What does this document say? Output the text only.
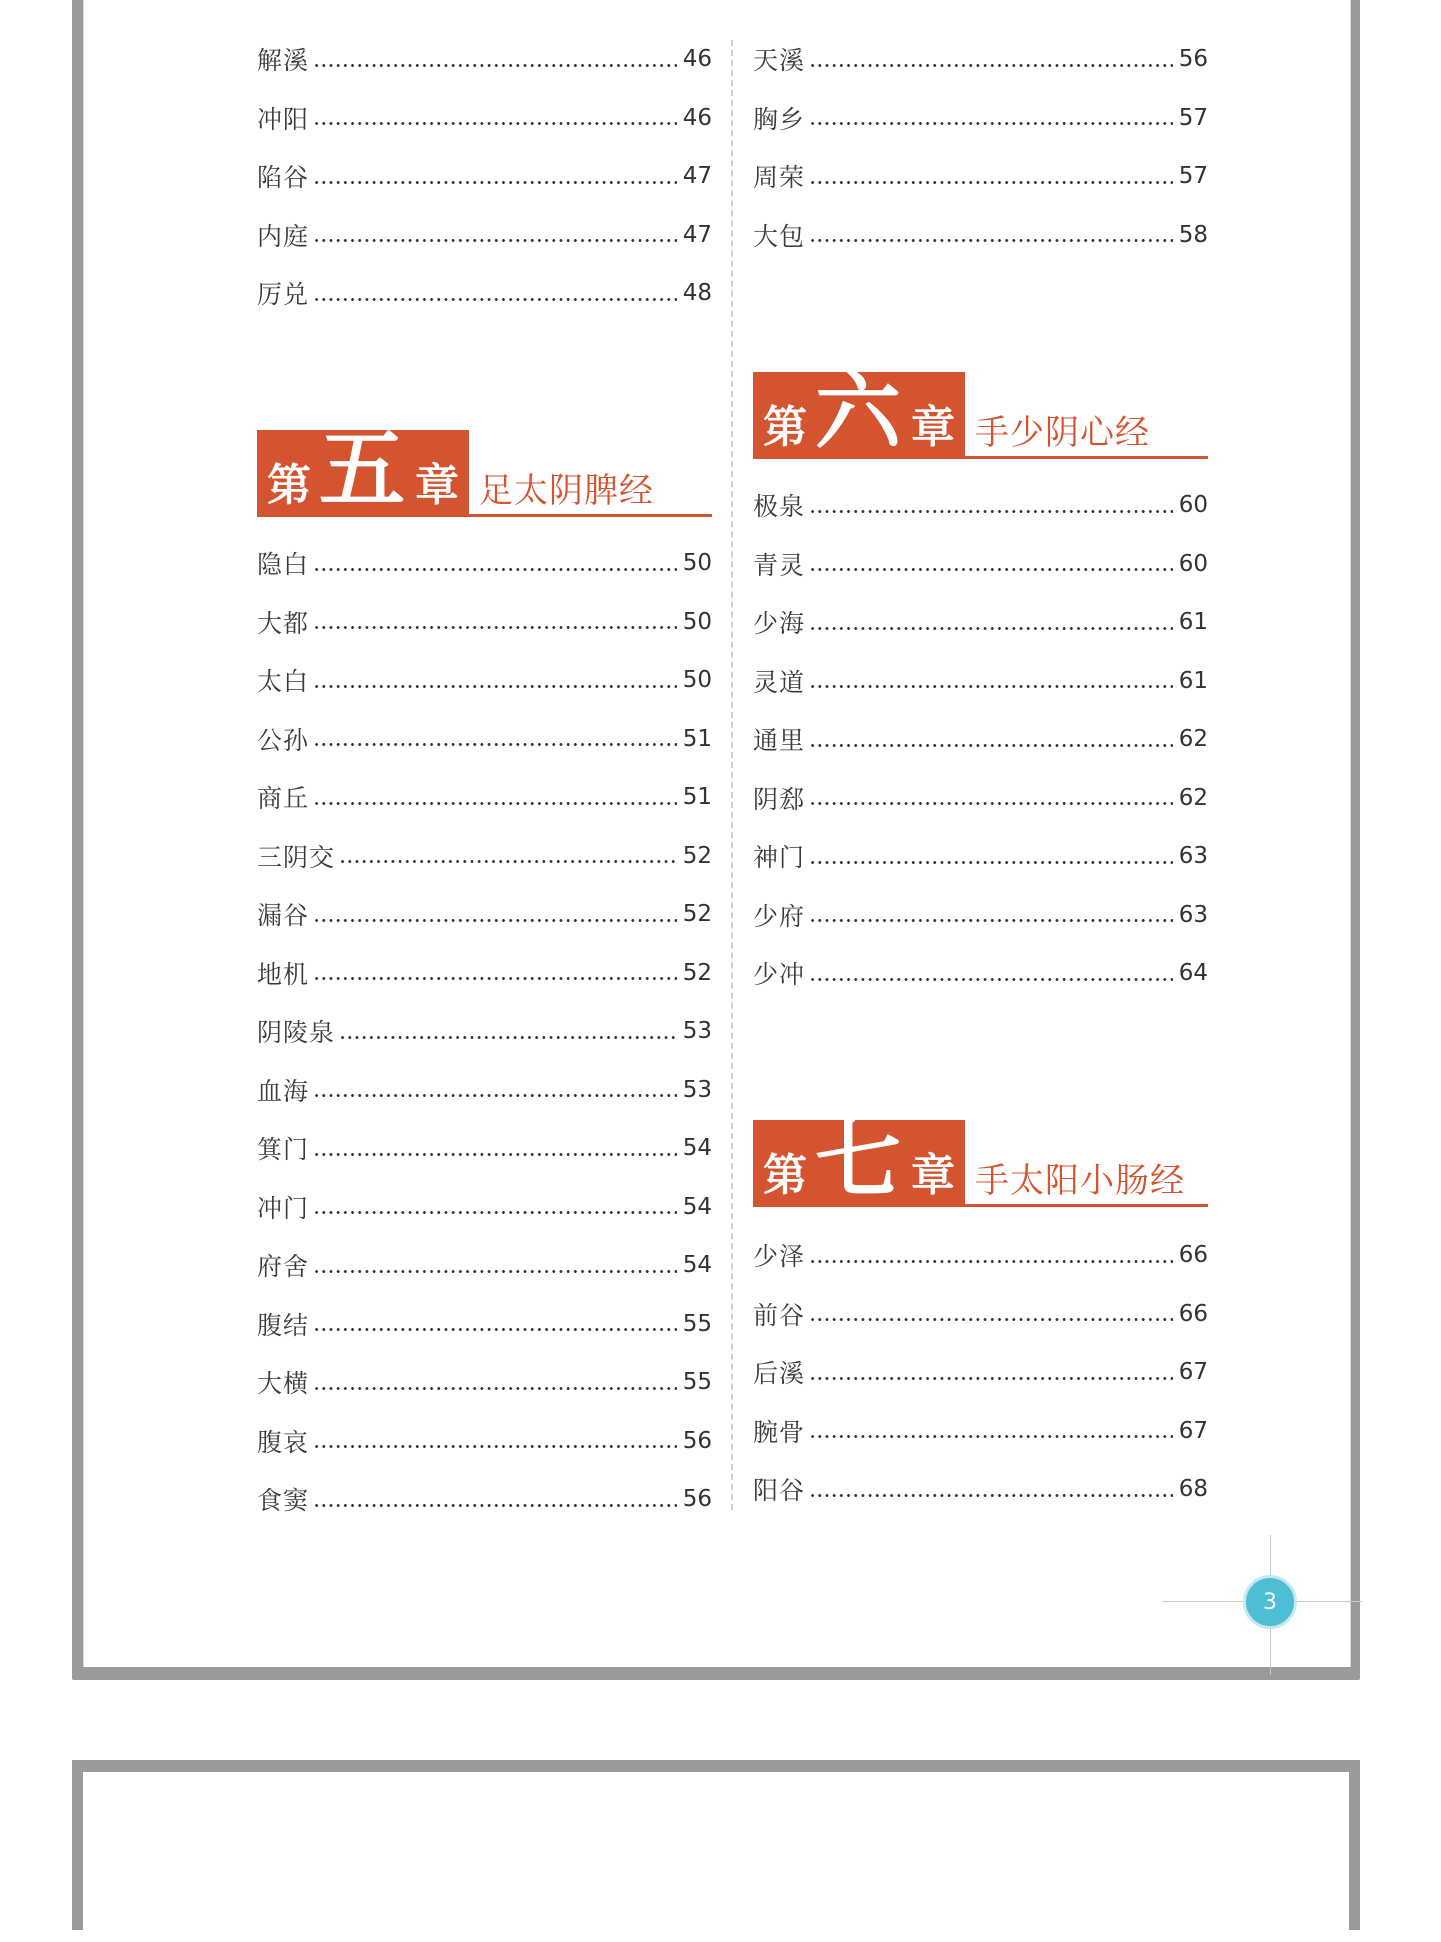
解溪	46
冲阳	46
陷谷	47
内庭	47
厉兑	48
天溪	56
胸乡	57
周荣	57
大包	58
第 五 章 足太阴脾经
隐白	50
大都	50
太白	50
公孙	51
商丘	51
三阴交	52
漏谷	52
地机	52
阴陵泉	53
血海	53
箕门	54
冲门	54
府舍	54
腹结	55
大横	55
腹哀	56
食窦	56
第 六 章 手少阴心经
极泉	60
青灵	60
少海	61
灵道	61
通里	62
阴郄	62
神门	63
少府	63
少冲	64
第 七 章 手太阳小肠经
少泽	66
前谷	66
后溪	67
腕骨	67
阳谷	68
3
